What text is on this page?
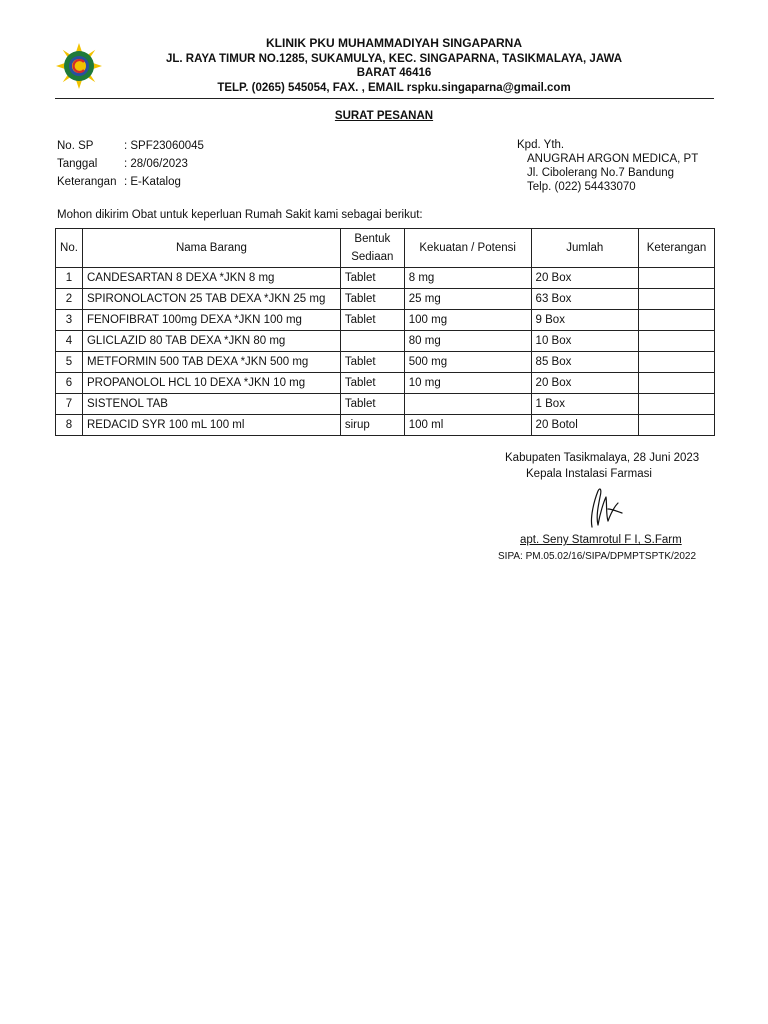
KLINIK PKU MUHAMMADIYAH SINGAPARNA
JL. RAYA TIMUR NO.1285, SUKAMULYA, KEC. SINGAPARNA, TASIKMALAYA, JAWA
BARAT 46416
TELP. (0265) 545054, FAX. , EMAIL rspku.singaparna@gmail.com
SURAT PESANAN
No. SP	: SPF23060045
Tanggal : 28/06/2023
Keterangan : E-Katalog
Kpd. Yth.
ANUGRAH ARGON MEDICA, PT
Jl. Cibolerang No.7 Bandung
Telp. (022) 54433070
Mohon dikirim Obat untuk keperluan Rumah Sakit kami sebagai berikut:
No.	Nama Barang	Bentuk
Sediaan	Kekuatan / Potensi	Jumlah	Keterangan
1	CANDESARTAN 8 DEXA *JKN 8 mg	Tablet	8 mg	20 Box	
2	SPIRONOLACTON 25 TAB DEXA *JKN 25 mg	Tablet	25 mg	63 Box	
3	FENOFIBRAT 100mg DEXA *JKN 100 mg	Tablet	100 mg	9 Box	
4	GLICLAZID 80 TAB DEXA *JKN 80 mg		80 mg	10 Box	
5	METFORMIN 500 TAB DEXA *JKN 500 mg	Tablet	500 mg	85 Box	
6	PROPANOLOL HCL 10 DEXA *JKN 10 mg	Tablet	10 mg	20 Box	
7	SISTENOL TAB	Tablet		1 Box	
8	REDACID SYR 100 mL 100 ml	sirup	100 ml	20 Botol	
Kabupaten Tasikmalaya, 28 Juni 2023
Kepala Instalasi Farmasi
apt. Seny Stamrotul F I, S.Farm
SIPA: PM.05.02/16/SIPA/DPMPTSPTK/2022
